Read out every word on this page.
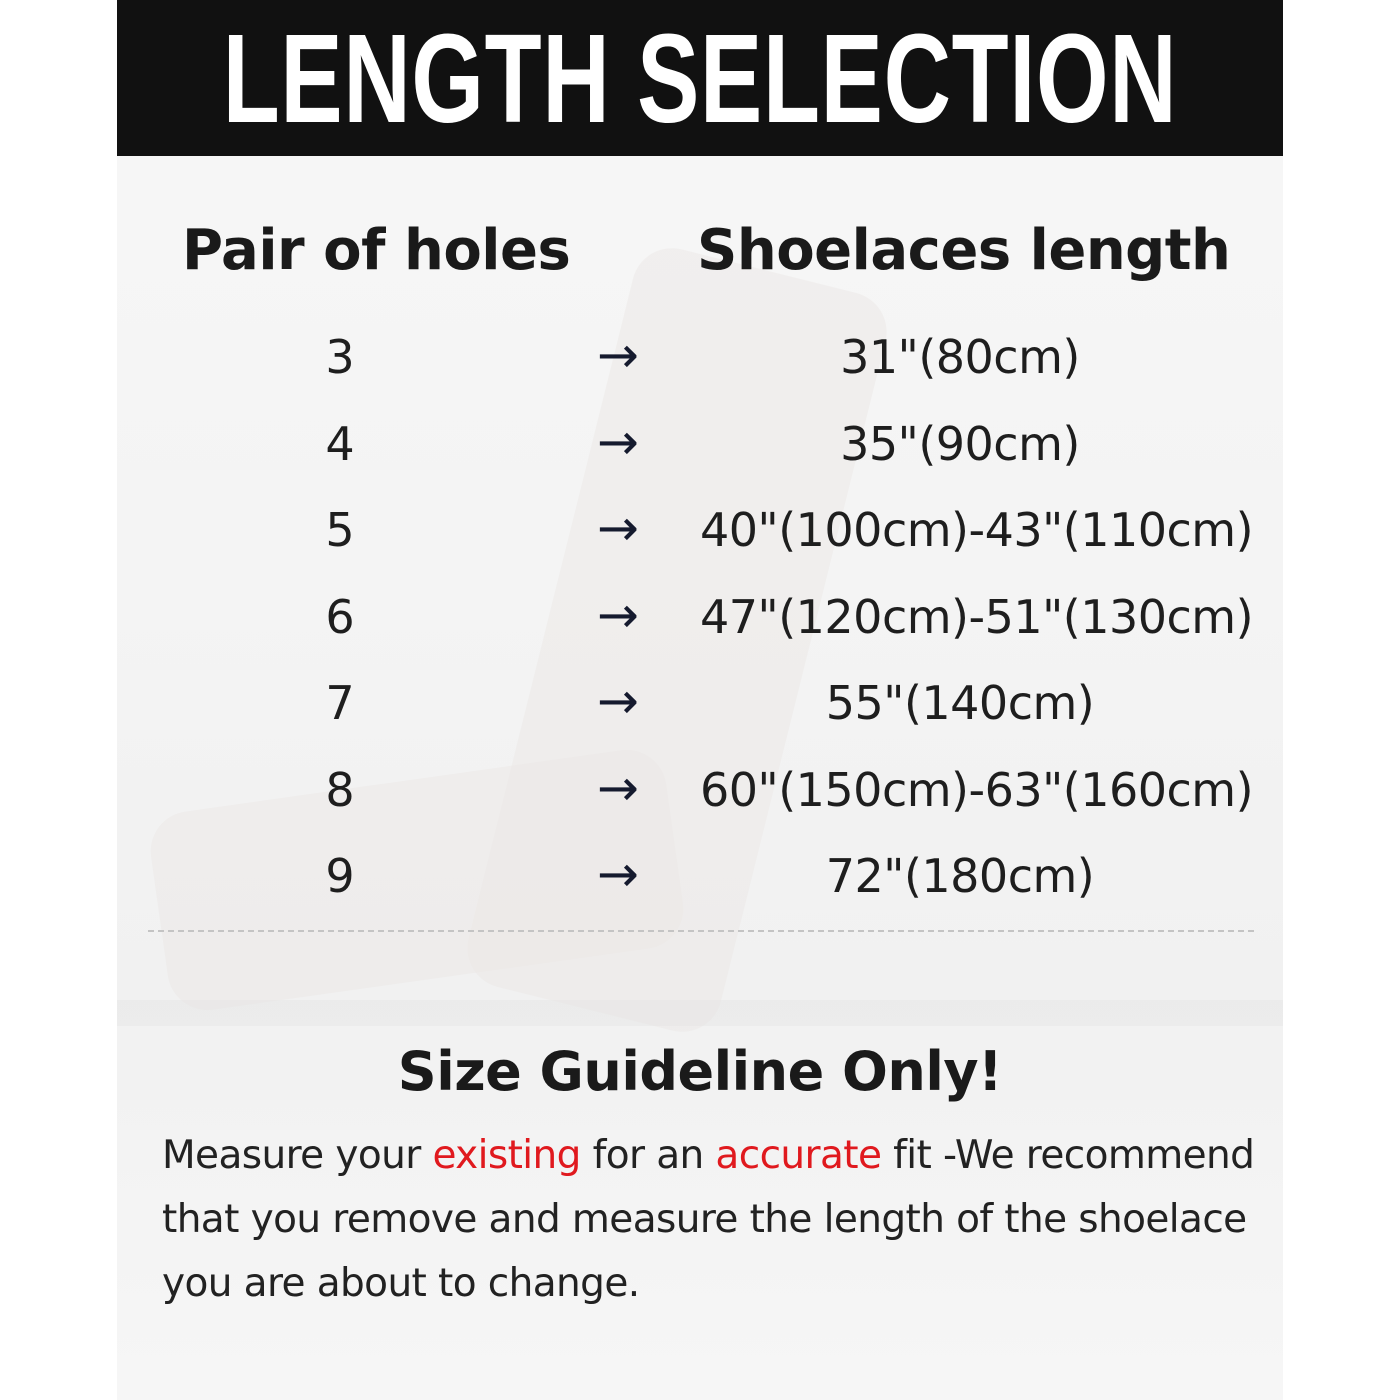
LENGTH SELECTION
Pair of holes Shoelaces length
3	→	31"(80cm)
4	→	35"(90cm)
5	→	40"(100cm)-43"(110cm)
6	→	47"(120cm)-51"(130cm)
7	→	55"(140cm)
8	→	60"(150cm)-63"(160cm)
9	→	72"(180cm)
Size Guideline Only!
Measure your existing for an accurate fit -We recommend that you remove and measure the length of the shoelace you are about to change.
